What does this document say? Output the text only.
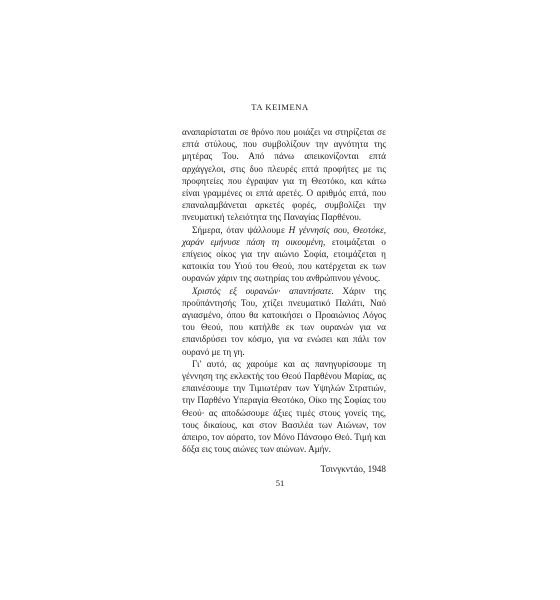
ΤΑ ΚΕΙΜΕΝΑ

αναπαρίσταται σε θρόνο που μοιάζει να στηρίζεται σε επτά στύλους, που συμβολίζουν την αγνότητα της μητέρας Του. Από πάνω απεικονίζονται επτά αρχάγγελοι, στις δυο πλευρές επτά προφήτες με τις προφητείες που έγραψαν για τη Θεοτόκο, και κάτω είναι γραμμένες οι επτά αρετές. Ο αριθμός επτά, που επαναλαμβάνεται αρκετές φορές, συμβολίζει την πνευματική τελειότητα της Παναγίας Παρθένου.

Σήμερα, όταν ψάλλουμε Η γέννησίς σου, Θεοτόκε, χαράν εμήνυσε πάση τη οικουμένη, ετοιμάζεται ο επίγειος οίκος για την αιώνιο Σοφία, ετοιμάζεται η κατοικία του Υιού του Θεού, που κατέρχεται εκ των ουρανών χάριν της σωτηρίας του ανθρώπινου γένους.

Χριστός εξ ουρανών· απαντήσατε. Χάριν της προϋπάντησής Του, χτίζει πνευματικό Παλάτι, Ναό αγιασμένο, όπου θα κατοικήσει ο Προαιώνιος Λόγος του Θεού, που κατήλθε εκ των ουρανών για να επανιδρύσει τον κόσμο, για να ενώσει και πάλι τον ουρανό με τη γη.

Γι' αυτό, ας χαρούμε και ας πανηγυρίσουμε τη γέννηση της εκλεκτής του Θεού Παρθένου Μαρίας, ας επαινέσουμε την Τιμιωτέραν των Υψηλών Στρατιών, την Παρθένο Υπεραγία Θεοτόκο, Οίκο της Σοφίας του Θεού· ας αποδώσουμε άξιες τιμές στους γονείς της, τους δικαίους, και στον Βασιλέα των Αιώνων, τον άπειρο, τον αόρατο, τον Μόνο Πάνσοφο Θεό. Τιμή και δόξα εις τους αιώνες των αιώνων. Αμήν.

Τσινγκντάο, 1948
51
